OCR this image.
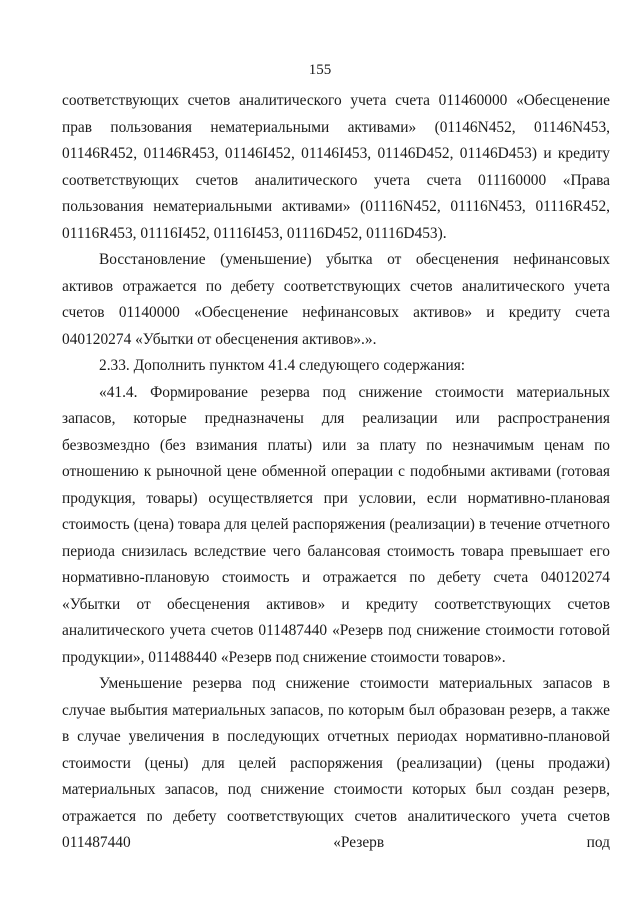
155

соответствующих счетов аналитического учета счета 011460000 «Обесценение прав пользования нематериальными активами» (01146N452, 01146N453, 01146R452, 01146R453, 01146I452, 01146I453, 01146D452, 01146D453) и кредиту соответствующих счетов аналитического учета счета 011160000 «Права пользования нематериальными активами» (01116N452, 01116N453, 01116R452, 01116R453, 01116I452, 01116I453, 01116D452, 01116D453).

Восстановление (уменьшение) убытка от обесценения нефинансовых активов отражается по дебету соответствующих счетов аналитического учета счетов 01140000 «Обесценение нефинансовых активов» и кредиту счета 040120274 «Убытки от обесценения активов».».

2.33. Дополнить пунктом 41.4 следующего содержания:

«41.4. Формирование резерва под снижение стоимости материальных запасов, которые предназначены для реализации или распространения безвозмездно (без взимания платы) или за плату по незначимым ценам по отношению к рыночной цене обменной операции с подобными активами (готовая продукция, товары) осуществляется при условии, если нормативно-плановая стоимость (цена) товара для целей распоряжения (реализации) в течение отчетного периода снизилась вследствие чего балансовая стоимость товара превышает его нормативно-плановую стоимость и отражается по дебету счета 040120274 «Убытки от обесценения активов» и кредиту соответствующих счетов аналитического учета счетов 011487440 «Резерв под снижение стоимости готовой продукции», 011488440 «Резерв под снижение стоимости товаров».

Уменьшение резерва под снижение стоимости материальных запасов в случае выбытия материальных запасов, по которым был образован резерв, а также в случае увеличения в последующих отчетных периодах нормативно-плановой стоимости (цены) для целей распоряжения (реализации) (цены продажи) материальных запасов, под снижение стоимости которых был создан резерв, отражается по дебету соответствующих счетов аналитического учета счетов 011487440 «Резерв под
